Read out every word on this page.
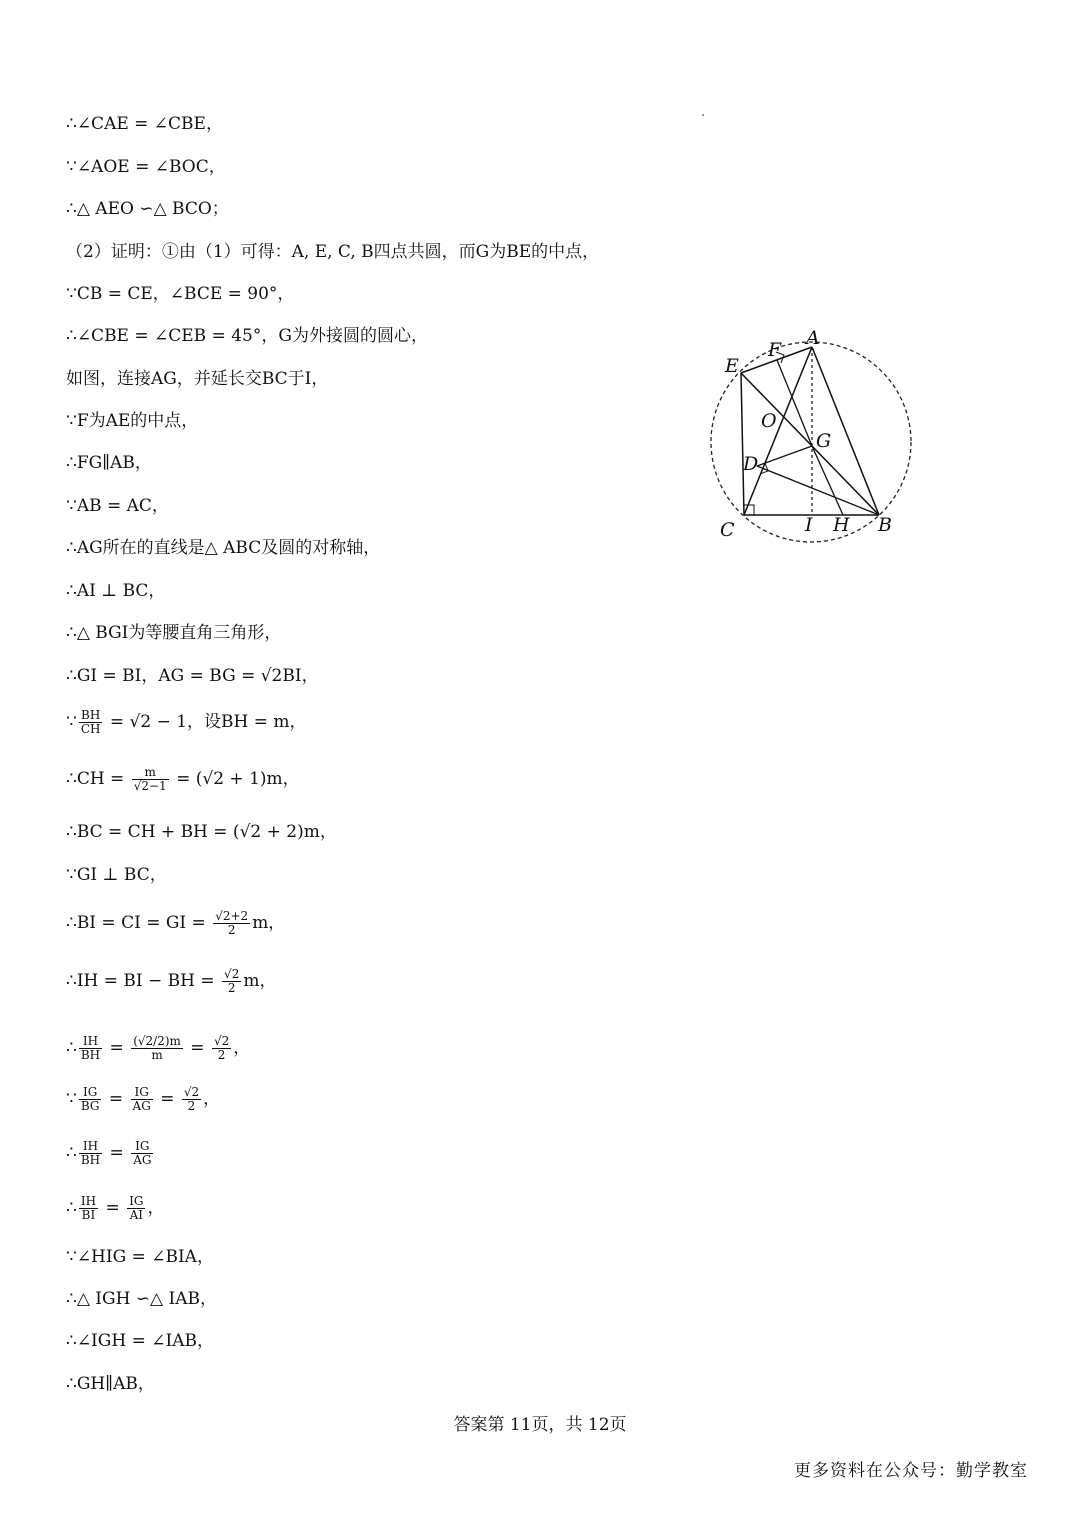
∴∠CAE = ∠CBE，
∵∠AOE = ∠BOC，
∴△ AEO ∽△ BCO；
（2）证明：①由（1）可得：A, E, C, B四点共圆，而G为BE的中点，
∵CB = CE，∠BCE = 90°，
∴∠CBE = ∠CEB = 45°，G为外接圆的圆心，
如图，连接AG，并延长交BC于I，
∵F为AE的中点，
∴FG∥AB，
∵AB = AC，
∴AG所在的直线是△ ABC及圆的对称轴，
∴AI ⊥ BC，
∴△ BGI为等腰直角三角形，
∴GI = BI，AG = BG = √2BI，
∵ $\frac{BH}{CH} = √2 - 1$，设BH = m，
∴CH = $\frac{m}{√2-1} = (√2 + 1)m$，
∴BC = CH + BH = (√2 + 2)m，
∵GI ⊥ BC，
∴BI = CI = GI = $\frac{√2+2}{2}$ m，
∴IH = BI − BH = $\frac{√2}{2}$ m，
∴ $\frac{IH}{BH} = \frac{(√2/2)m}{m} = \frac{√2}{2}$ ，
∵ $\frac{IG}{BG} = \frac{IG}{AG} = \frac{√2}{2}$ ，
∴ $\frac{IH}{BH} = \frac{IG}{AG}$
∴ $\frac{IH}{BI} = \frac{IG}{AI}$ ，
∵∠HIG = ∠BIA，
∴△ IGH ∽△ IAB，
∴∠IGH = ∠IAB，
∴GH∥AB，
A
E
F
O
G
D
C	I H B
答案第 11页，共 12页
更多资料在公众号：勤学教室
